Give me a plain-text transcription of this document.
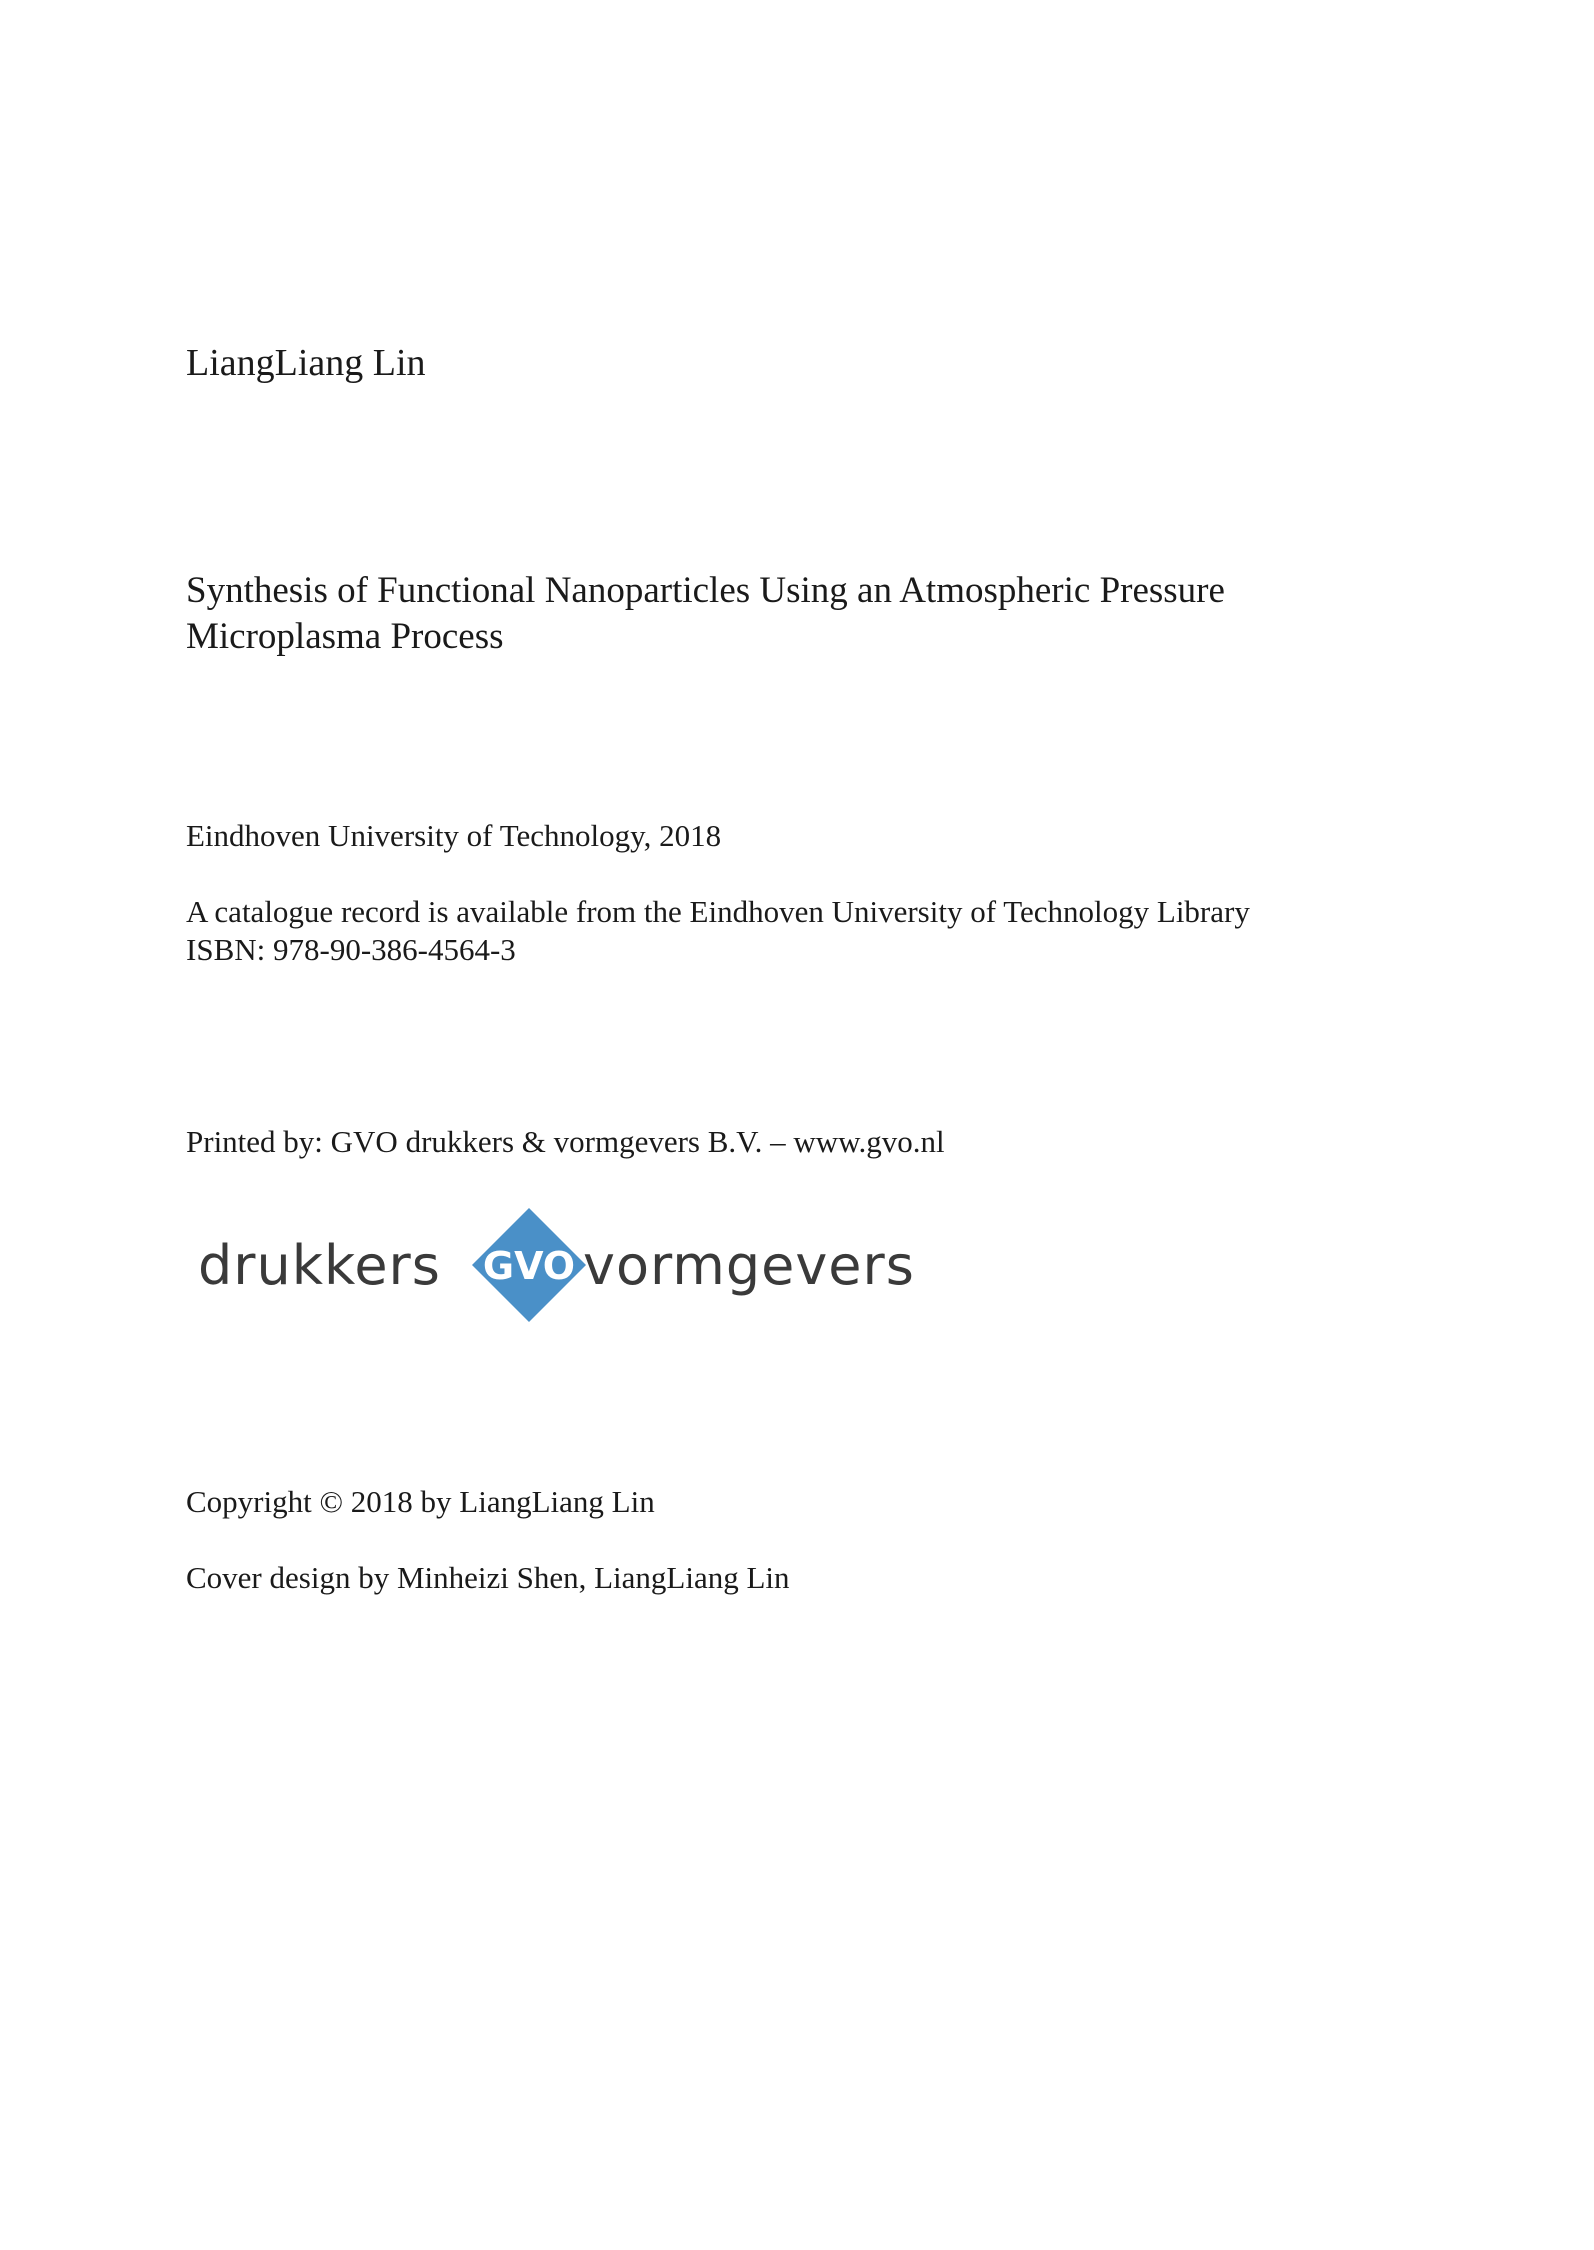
LiangLiang Lin
Synthesis of Functional Nanoparticles Using an Atmospheric Pressure
Microplasma Process
Eindhoven University of Technology, 2018
A catalogue record is available from the Eindhoven University of Technology Library
ISBN: 978-90-386-4564-3
Printed by: GVO drukkers & vormgevers B.V. – www.gvo.nl
drukkers GVO vormgevers
Copyright © 2018 by LiangLiang Lin
Cover design by Minheizi Shen, LiangLiang Lin
